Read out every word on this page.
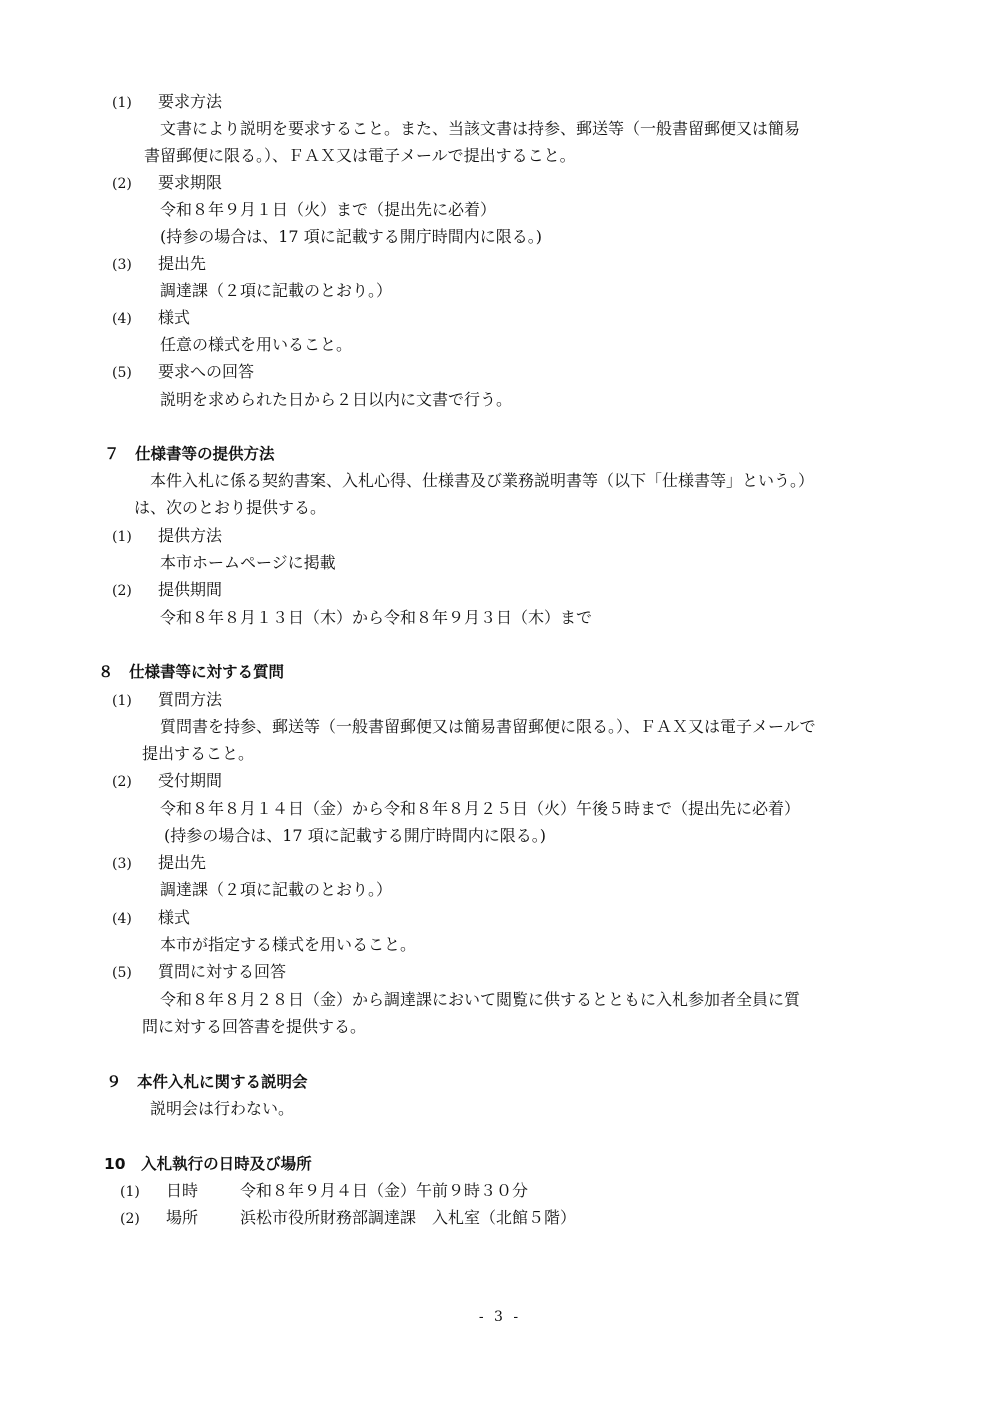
(1) 要求方法
文書により説明を要求すること。また、当該文書は持参、郵送等（一般書留郵便又は簡易
書留郵便に限る。）、ＦＡＸ又は電子メールで提出すること。
(2) 要求期限
令和８年９月１日（火）まで（提出先に必着）
(持参の場合は、17 項に記載する開庁時間内に限る。)
(3) 提出先
調達課（２項に記載のとおり。）
(4) 様式
任意の様式を用いること。
(5) 要求への回答
説明を求められた日から２日以内に文書で行う。
７　仕様書等の提供方法
本件入札に係る契約書案、入札心得、仕様書及び業務説明書等（以下「仕様書等」という。）
は、次のとおり提供する。
(1) 提供方法
本市ホームページに掲載
(2) 提供期間
令和８年８月１３日（木）から令和８年９月３日（木）まで
８　仕様書等に対する質問
(1) 質問方法
質問書を持参、郵送等（一般書留郵便又は簡易書留郵便に限る。）、ＦＡＸ又は電子メールで
提出すること。
(2) 受付期間
令和８年８月１４日（金）から令和８年８月２５日（火）午後５時まで（提出先に必着）
(持参の場合は、17 項に記載する開庁時間内に限る。)
(3) 提出先
調達課（２項に記載のとおり。）
(4) 様式
本市が指定する様式を用いること。
(5) 質問に対する回答
令和８年８月２８日（金）から調達課において閲覧に供するとともに入札参加者全員に質
問に対する回答書を提供する。
９　本件入札に関する説明会
説明会は行わない。
10　入札執行の日時及び場所
(1) 日時	令和８年９月４日（金）午前９時３０分
(2) 場所	浜松市役所財務部調達課　入札室（北館５階）
- 3 -
